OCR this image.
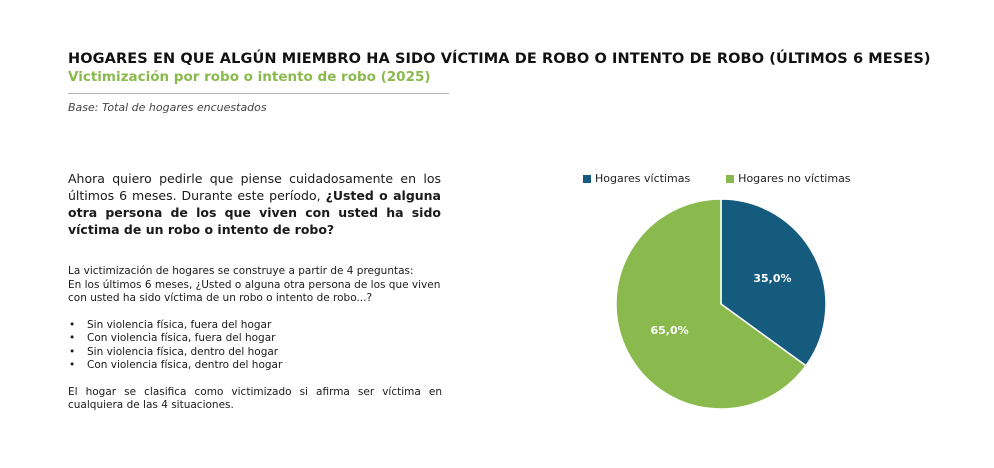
HOGARES EN QUE ALGÚN MIEMBRO HA SIDO VÍCTIMA DE ROBO O INTENTO DE ROBO (ÚLTIMOS 6 MESES)
Victimización por robo o intento de robo (2025)
Base: Total de hogares encuestados

Ahora quiero pedirle que piense cuidadosamente en los últimos 6 meses. Durante este período, ¿Usted o alguna otra persona de los que viven con usted ha sido víctima de un robo o intento de robo?

La victimización de hogares se construye a partir de 4 preguntas:

En los últimos 6 meses, ¿Usted o alguna otra persona de los que viven con usted ha sido víctima de un robo o intento de robo...?

• Sin violencia física, fuera del hogar
• Con violencia física, fuera del hogar
• Sin violencia física, dentro del hogar
• Con violencia física, dentro del hogar

El hogar se clasifica como victimizado si afirma ser víctima en cualquiera de las 4 situaciones.

Hogares víctimas	Hogares no víctimas
35,0%
65,0%
